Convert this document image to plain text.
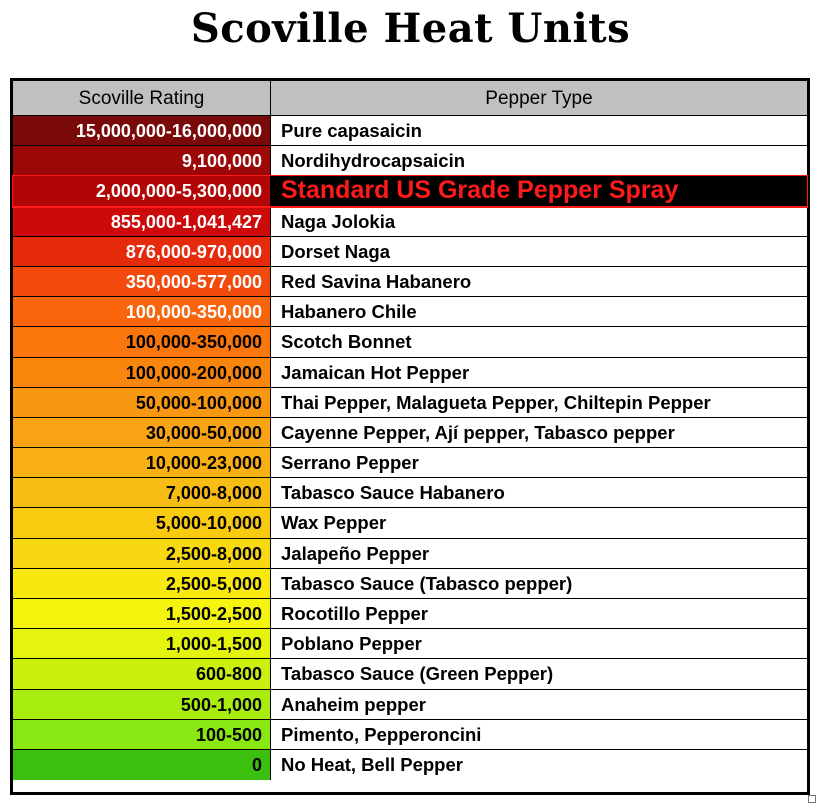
Scoville Heat Units
Scoville Rating	Pepper Type
15,000,000-16,000,000	Pure capasaicin
9,100,000	Nordihydrocapsaicin
2,000,000-5,300,000 Standard US Grade Pepper Spray
855,000-1,041,427	Naga Jolokia
876,000-970,000	Dorset Naga
350,000-577,000	Red Savina Habanero
100,000-350,000	Habanero Chile
100,000-350,000	Scotch Bonnet
100,000-200,000	Jamaican Hot Pepper
50,000-100,000	Thai Pepper, Malagueta Pepper, Chiltepin Pepper
30,000-50,000	Cayenne Pepper, Ají pepper, Tabasco pepper
10,000-23,000	Serrano Pepper
7,000-8,000	Tabasco Sauce Habanero
5,000-10,000	Wax Pepper
2,500-8,000	Jalapeño Pepper
2,500-5,000	Tabasco Sauce (Tabasco pepper)
1,500-2,500	Rocotillo Pepper
1,000-1,500	Poblano Pepper
600-800	Tabasco Sauce (Green Pepper)
500-1,000	Anaheim pepper
100-500	Pimento, Pepperoncini
0	No Heat, Bell Pepper
